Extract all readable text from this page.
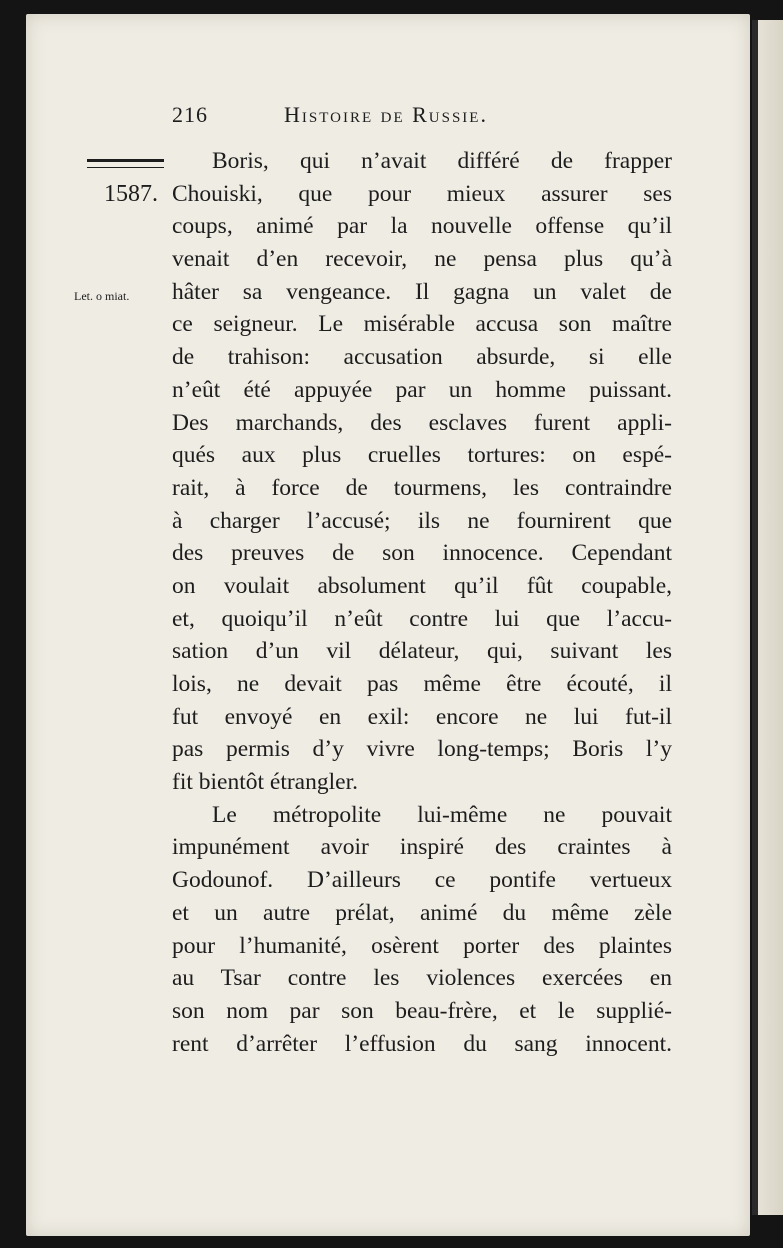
216	Histoire de Russie.
1587.
Let. o miat.
Boris, qui n’avait différé de frapper
Chouiski, que pour mieux assurer ses
coups, animé par la nouvelle offense qu’il
venait d’en recevoir, ne pensa plus qu’à
hâter sa vengeance. Il gagna un valet de
ce seigneur. Le misérable accusa son maître
de trahison: accusation absurde, si elle
n’eût été appuyée par un homme puissant.
Des marchands, des esclaves furent appli-
qués aux plus cruelles tortures: on espé-
rait, à force de tourmens, les contraindre
à charger l’accusé; ils ne fournirent que
des preuves de son innocence. Cependant
on voulait absolument qu’il fût coupable,
et, quoiqu’il n’eût contre lui que l’accu-
sation d’un vil délateur, qui, suivant les
lois, ne devait pas même être écouté, il
fut envoyé en exil: encore ne lui fut-il
pas permis d’y vivre long-temps; Boris l’y
fit bientôt étrangler.
Le métropolite lui-même ne pouvait
impunément avoir inspiré des craintes à
Godounof. D’ailleurs ce pontife vertueux
et un autre prélat, animé du même zèle
pour l’humanité, osèrent porter des plaintes
au Tsar contre les violences exercées en
son nom par son beau-frère, et le supplié-
rent d’arrêter l’effusion du sang innocent.
